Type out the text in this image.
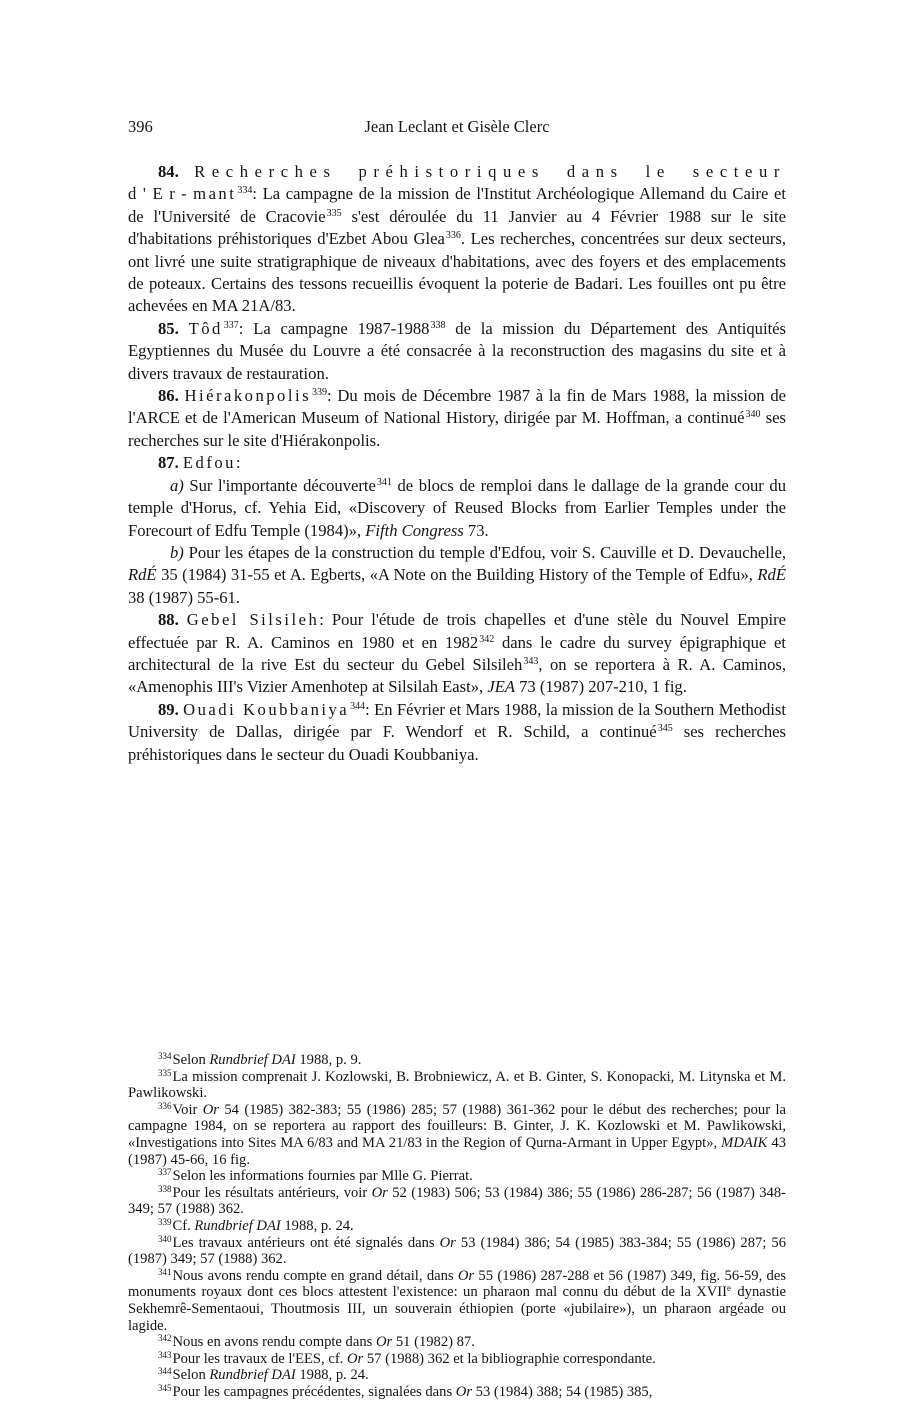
396	Jean Leclant et Gisèle Clerc

84. Recherches préhistoriques dans le secteur d'Er-mant$^{334}$: La campagne de la mission de l'Institut Archéologique Allemand du Caire et de l'Université de Cracovie$^{335}$ s'est déroulée du 11 Janvier au 4 Février 1988 sur le site d'habitations préhistoriques d'Ezbet Abou Glea$^{336}$. Les recherches, concentrées sur deux secteurs, ont livré une suite stratigraphique de niveaux d'habitations, avec des foyers et des emplacements de poteaux. Certains des tessons recueillis évoquent la poterie de Badari. Les fouilles ont pu être achevées en MA 21A/83.

85. Tôd$^{337}$: La campagne 1987-1988$^{338}$ de la mission du Département des Antiquités Egyptiennes du Musée du Louvre a été consacrée à la reconstruction des magasins du site et à divers travaux de restauration.

86. Hiérakonpolis$^{339}$: Du mois de Décembre 1987 à la fin de Mars 1988, la mission de l'ARCE et de l'American Museum of National History, dirigée par M. Hoffman, a continué$^{340}$ ses recherches sur le site d'Hiérakonpolis.

87. Edfou:

a) Sur l'importante découverte$^{341}$ de blocs de remploi dans le dallage de la grande cour du temple d'Horus, cf. Yehia Eid, «Discovery of Reused Blocks from Earlier Temples under the Forecourt of Edfu Temple (1984)», Fifth Congress 73.

b) Pour les étapes de la construction du temple d'Edfou, voir S. Cauville et D. Devauchelle, RdÉ 35 (1984) 31-55 et A. Egberts, «A Note on the Building History of the Temple of Edfu», RdÉ 38 (1987) 55-61.

88. Gebel Silsileh: Pour l'étude de trois chapelles et d'une stèle du Nouvel Empire effectuée par R. A. Caminos en 1980 et en 1982$^{342}$ dans le cadre du survey épigraphique et architectural de la rive Est du secteur du Gebel Silsileh$^{343}$, on se reportera à R. A. Caminos, «Amenophis III's Vizier Amenhotep at Silsilah East», JEA 73 (1987) 207-210, 1 fig.

89. Ouadi Koubbaniya$^{344}$: En Février et Mars 1988, la mission de la Southern Methodist University de Dallas, dirigée par F. Wendorf et R. Schild, a continué$^{345}$ ses recherches préhistoriques dans le secteur du Ouadi Koubbaniya.

$^{334}$Selon Rundbrief DAI 1988, p. 9.

$^{335}$La mission comprenait J. Kozlowski, B. Brobniewicz, A. et B. Ginter, S. Konopacki, M. Litynska et M. Pawlikowski.

$^{336}$Voir Or 54 (1985) 382-383; 55 (1986) 285; 57 (1988) 361-362 pour le début des recherches; pour la campagne 1984, on se reportera au rapport des fouilleurs: B. Ginter, J. K. Kozlowski et M. Pawlikowski, «Investigations into Sites MA 6/83 and MA 21/83 in the Region of Qurna-Armant in Upper Egypt», MDAIK 43 (1987) 45-66, 16 fig.

$^{337}$Selon les informations fournies par Mlle G. Pierrat.

$^{338}$Pour les résultats antérieurs, voir Or 52 (1983) 506; 53 (1984) 386; 55 (1986) 286-287; 56 (1987) 348-349; 57 (1988) 362.

$^{339}$Cf. Rundbrief DAI 1988, p. 24.

$^{340}$Les travaux antérieurs ont été signalés dans Or 53 (1984) 386; 54 (1985) 383-384; 55 (1986) 287; 56 (1987) 349; 57 (1988) 362.

$^{341}$Nous avons rendu compte en grand détail, dans Or 55 (1986) 287-288 et 56 (1987) 349, fig. 56-59, des monuments royaux dont ces blocs attestent l'existence: un pharaon mal connu du début de la XVIIe dynastie Sekhemrê-Sementaoui, Thoutmosis III, un souverain éthiopien (porte «jubilaire»), un pharaon argéade ou lagide.

$^{342}$Nous en avons rendu compte dans Or 51 (1982) 87.

$^{343}$Pour les travaux de l'EES, cf. Or 57 (1988) 362 et la bibliographie correspondante.

$^{344}$Selon Rundbrief DAI 1988, p. 24.

$^{345}$Pour les campagnes précédentes, signalées dans Or 53 (1984) 388; 54 (1985) 385,
